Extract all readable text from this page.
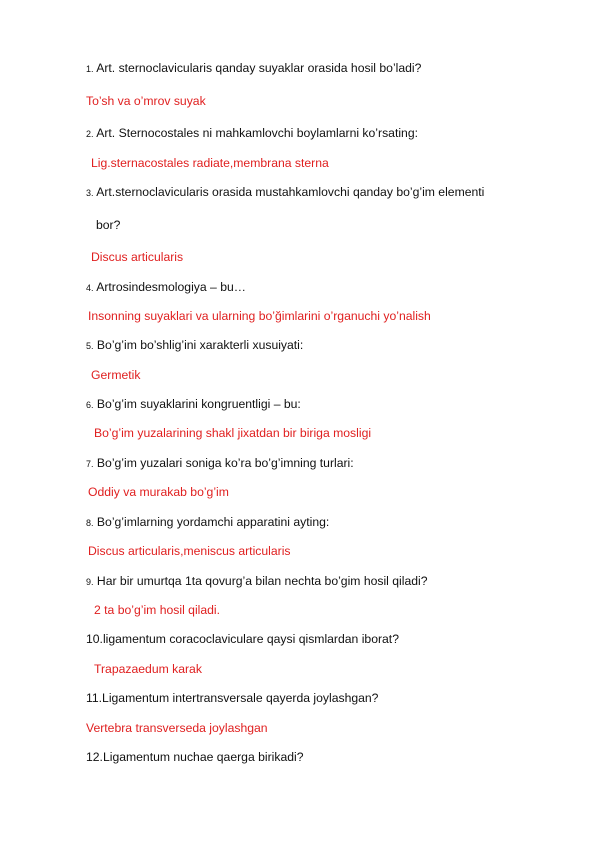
1. Art. sternoclavicularis qanday suyaklar orasida hosil bo’ladi?
To’sh va o’mrov suyak
2. Art. Sternocostales ni mahkamlovchi boylamlarni ko’rsating:
Lig.sternacostales radiate,membrana sterna
3. Art.sternoclavicularis orasida mustahkamlovchi qanday bo’g’im elementi
bor?
Discus articularis
4. Artrosindesmologiya – bu…
Insonning suyaklari va ularning bo’ğimlarini o’rganuchi yo’nalish
5. Bo’g’im bo’shlig’ini xarakterli xusuiyati:
Germetik
6. Bo’g’im suyaklarini kongruentligi – bu:
Bo’g’im yuzalarining shakl jixatdan bir biriga mosligi
7. Bo’g’im yuzalari soniga ko’ra bo’g’imning turlari:
Oddiy va murakab bo’g’im
8. Bo’g’imlarning yordamchi apparatini ayting:
Discus articularis,meniscus articularis
9. Har bir umurtqa 1ta qovurg’a bilan nechta bo’gim hosil qiladi?
2 ta bo’g’im hosil qiladi.
10.ligamentum coracoclaviculare qaysi qismlardan iborat?
Trapazaedum karak
11.Ligamentum intertransversale qayerda joylashgan?
Vertebra transverseda joylashgan
12.Ligamentum nuchae qaerga birikadi?
